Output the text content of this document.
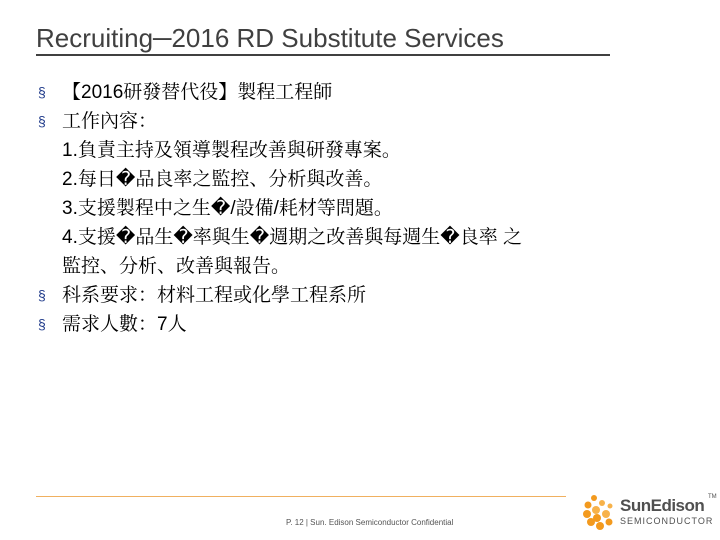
Recruiting─2016 RD Substitute Services
§ 【2016研發替代役】製程工程師
§ 工作內容：
1.負責主持及領導製程改善與研發專案。
2.每日�品良率之監控、分析與改善。
3.支援製程中之生�/設備/耗材等問題。
4.支援�品生�率與生�週期之改善與每週生�良率 之
監控、分析、改善與報告。
§ 科系要求：材料工程或化學工程系所
§ 需求人數：7人
P. 12 | Sun. Edison Semiconductor Confidential
SunEdison TM
SEMICONDUCTOR
